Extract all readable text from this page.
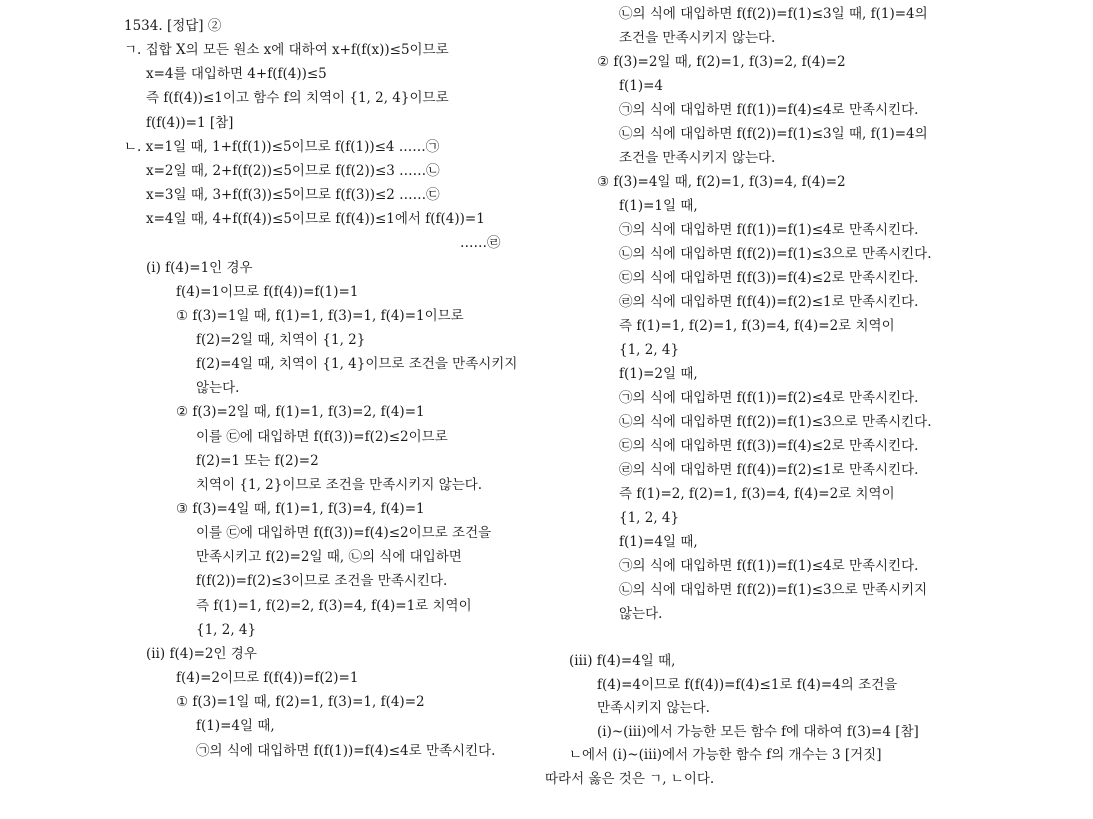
1534. [정답] ②
ㄱ. 집합 X의 모든 원소 x에 대하여 x+f(f(x))≤5이므로
x=4를 대입하면 4+f(f(4))≤5
즉 f(f(4))≤1이고 함수 f의 치역이 {1, 2, 4}이므로
f(f(4))=1 [참]
ㄴ. x=1일 때, 1+f(f(1))≤5이므로 f(f(1))≤4 ……㉠
x=2일 때, 2+f(f(2))≤5이므로 f(f(2))≤3 ……㉡
x=3일 때, 3+f(f(3))≤5이므로 f(f(3))≤2 ……㉢
x=4일 때, 4+f(f(4))≤5이므로 f(f(4))≤1에서 f(f(4))=1
……㉣
(ⅰ) f(4)=1인 경우
f(4)=1이므로 f(f(4))=f(1)=1
① f(3)=1일 때, f(1)=1, f(3)=1, f(4)=1이므로
f(2)=2일 때, 치역이 {1, 2}
f(2)=4일 때, 치역이 {1, 4}이므로 조건을 만족시키지
않는다.
② f(3)=2일 때, f(1)=1, f(3)=2, f(4)=1
이를 ㉢에 대입하면 f(f(3))=f(2)≤2이므로
f(2)=1 또는 f(2)=2
치역이 {1, 2}이므로 조건을 만족시키지 않는다.
③ f(3)=4일 때, f(1)=1, f(3)=4, f(4)=1
이를 ㉢에 대입하면 f(f(3))=f(4)≤2이므로 조건을
만족시키고 f(2)=2일 때, ㉡의 식에 대입하면
f(f(2))=f(2)≤3이므로 조건을 만족시킨다.
즉 f(1)=1, f(2)=2, f(3)=4, f(4)=1로 치역이
{1, 2, 4}
(ⅱ) f(4)=2인 경우
f(4)=2이므로 f(f(4))=f(2)=1
① f(3)=1일 때, f(2)=1, f(3)=1, f(4)=2
f(1)=4일 때,
㉠의 식에 대입하면 f(f(1))=f(4)≤4로 만족시킨다.
㉡의 식에 대입하면 f(f(2))=f(1)≤3일 때, f(1)=4의
조건을 만족시키지 않는다.
② f(3)=2일 때, f(2)=1, f(3)=2, f(4)=2
f(1)=4
㉠의 식에 대입하면 f(f(1))=f(4)≤4로 만족시킨다.
㉡의 식에 대입하면 f(f(2))=f(1)≤3일 때, f(1)=4의
조건을 만족시키지 않는다.
③ f(3)=4일 때, f(2)=1, f(3)=4, f(4)=2
f(1)=1일 때,
㉠의 식에 대입하면 f(f(1))=f(1)≤4로 만족시킨다.
㉡의 식에 대입하면 f(f(2))=f(1)≤3으로 만족시킨다.
㉢의 식에 대입하면 f(f(3))=f(4)≤2로 만족시킨다.
㉣의 식에 대입하면 f(f(4))=f(2)≤1로 만족시킨다.
즉 f(1)=1, f(2)=1, f(3)=4, f(4)=2로 치역이
{1, 2, 4}
f(1)=2일 때,
㉠의 식에 대입하면 f(f(1))=f(2)≤4로 만족시킨다.
㉡의 식에 대입하면 f(f(2))=f(1)≤3으로 만족시킨다.
㉢의 식에 대입하면 f(f(3))=f(4)≤2로 만족시킨다.
㉣의 식에 대입하면 f(f(4))=f(2)≤1로 만족시킨다.
즉 f(1)=2, f(2)=1, f(3)=4, f(4)=2로 치역이
{1, 2, 4}
f(1)=4일 때,
㉠의 식에 대입하면 f(f(1))=f(1)≤4로 만족시킨다.
㉡의 식에 대입하면 f(f(2))=f(1)≤3으로 만족시키지
않는다.
(ⅲ) f(4)=4일 때,
f(4)=4이므로 f(f(4))=f(4)≤1로 f(4)=4의 조건을
만족시키지 않는다.
(ⅰ)~(ⅲ)에서 가능한 모든 함수 f에 대하여 f(3)=4 [참]
ㄴ에서 (ⅰ)~(ⅲ)에서 가능한 함수 f의 개수는 3 [거짓]
따라서 옳은 것은 ㄱ, ㄴ이다.
